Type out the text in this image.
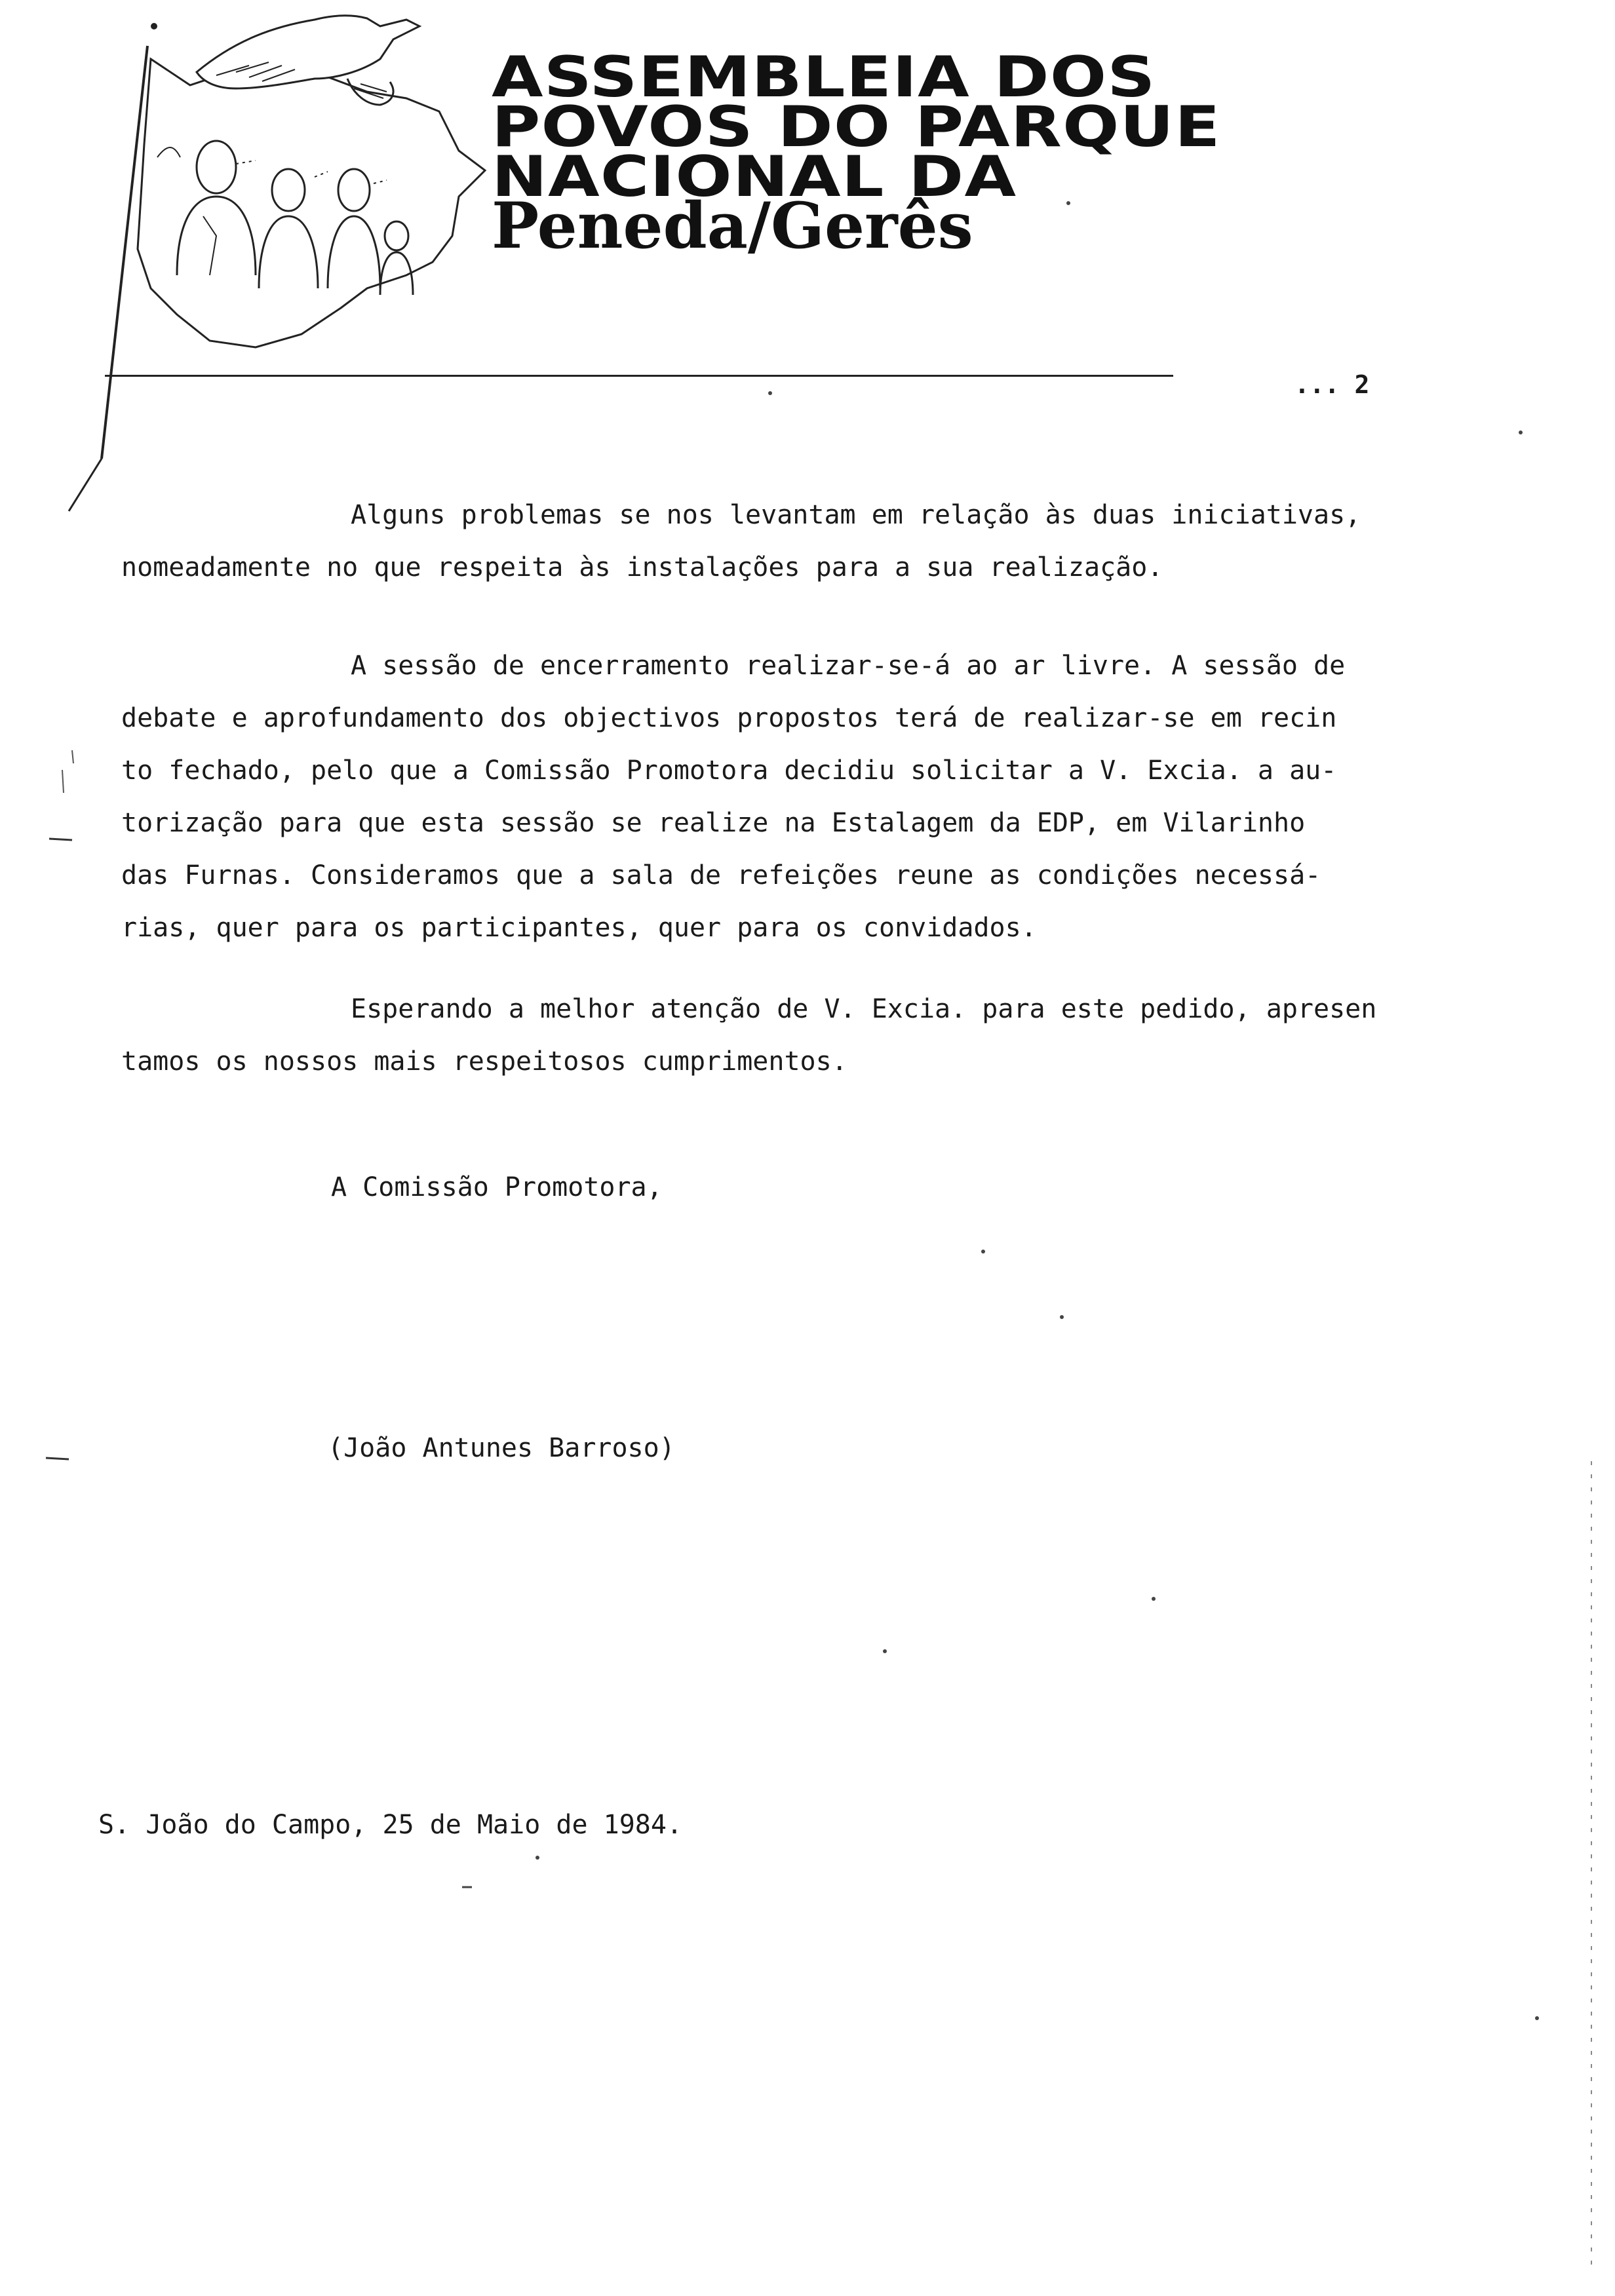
ASSEMBLEIA DOS
POVOS DO PARQUE
NACIONAL DA
Peneda/Gerês
... 2
Alguns problemas se nos levantam em relação às duas iniciativas,
nomeadamente no que respeita às instalações para a sua realização.
A sessão de encerramento realizar-se-á ao ar livre. A sessão de
debate e aprofundamento dos objectivos propostos terá de realizar-se em recin
to fechado, pelo que a Comissão Promotora decidiu solicitar a V. Excia. a au-
torização para que esta sessão se realize na Estalagem da EDP, em Vilarinho
das Furnas. Consideramos que a sala de refeições reune as condições necessá-
rias, quer para os participantes, quer para os convidados.
Esperando a melhor atenção de V. Excia. para este pedido, apresen
tamos os nossos mais respeitosos cumprimentos.
A Comissão Promotora,
(João Antunes Barroso)
S. João do Campo, 25 de Maio de 1984.
